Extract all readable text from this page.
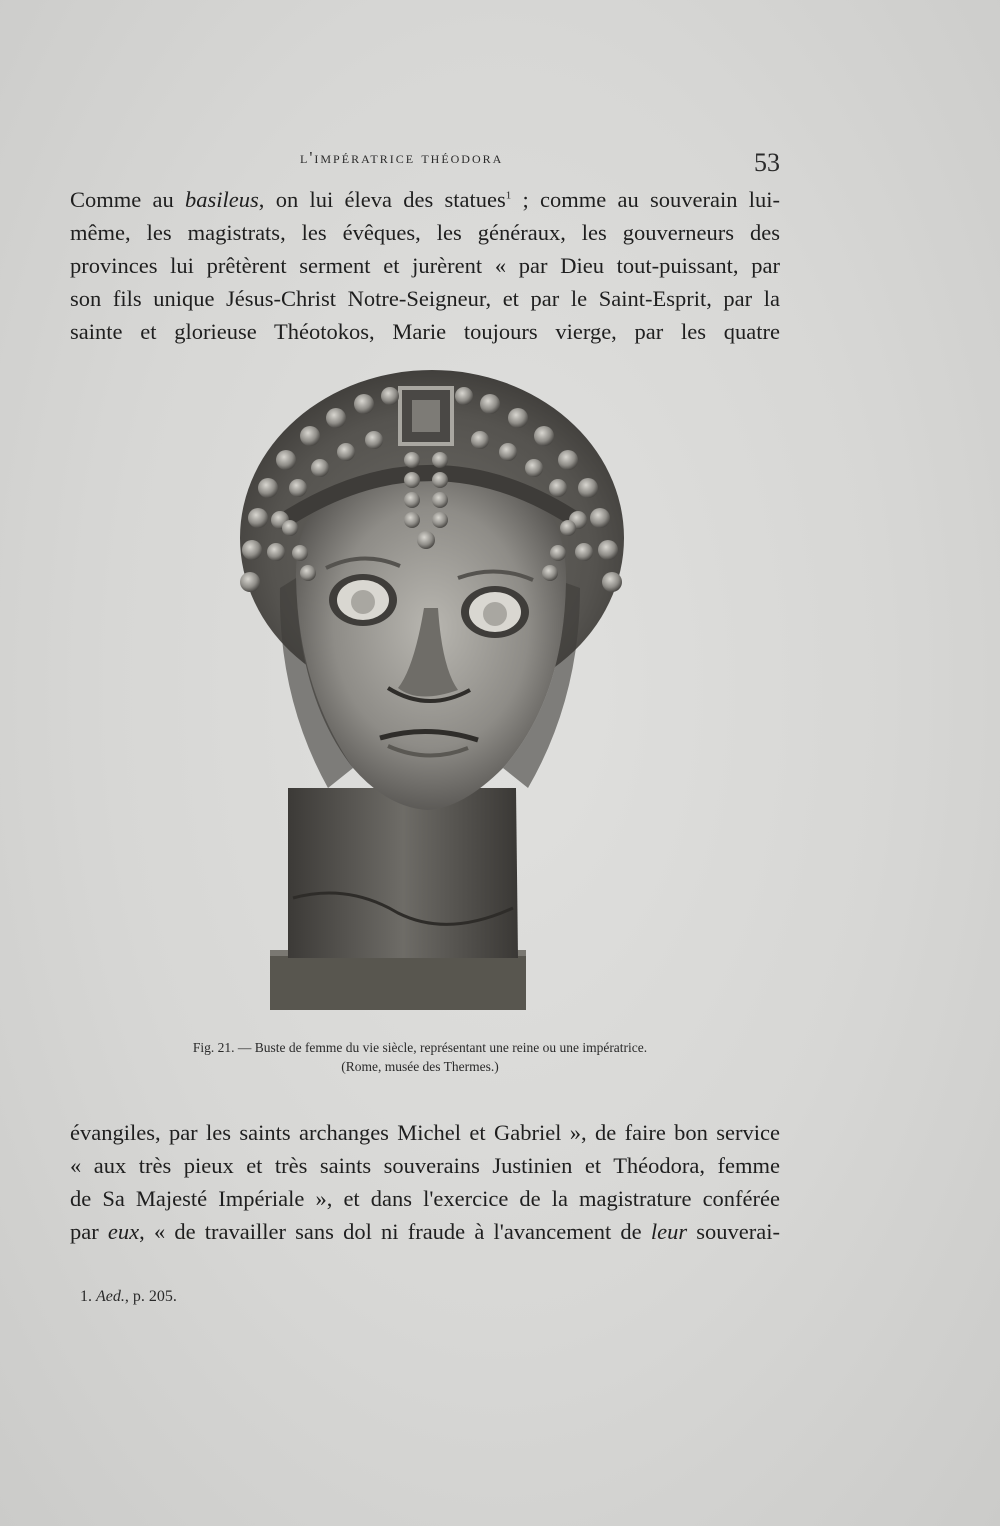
l'impératrice théodora	53
Comme au basileus, on lui éleva des statues$^1$ ; comme au souverain lui-
même, les magistrats, les évêques, les généraux, les gouverneurs des
provinces lui prêtèrent serment et jurèrent « par Dieu tout-puissant, par
son fils unique Jésus-Christ Notre-Seigneur, et par le Saint-Esprit, par la
sainte et glorieuse Théotokos, Marie toujours vierge, par les quatre
Fig. 21. — Buste de femme du vie siècle, représentant une reine ou une impératrice.
(Rome, musée des Thermes.)
évangiles, par les saints archanges Michel et Gabriel », de faire bon service
« aux très pieux et très saints souverains Justinien et Théodora, femme
de Sa Majesté Impériale », et dans l'exercice de la magistrature conférée
par eux, « de travailler sans dol ni fraude à l'avancement de leur souverai-
1. Aed., p. 205.
